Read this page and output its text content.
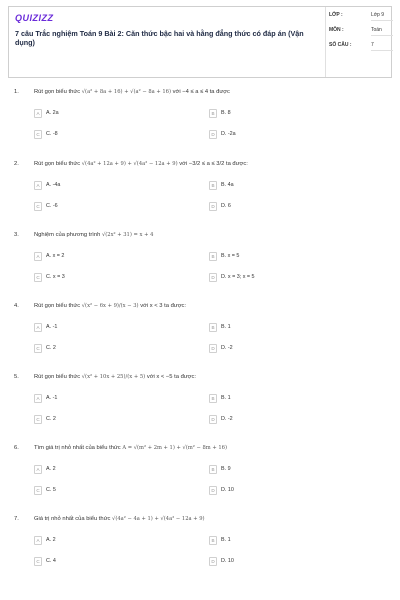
QUIZIZZ
7 câu Trắc nghiệm Toán 9 Bài 2: Căn thức bậc hai và hằng đẳng thức có đáp án (Vận dụng)
LỚP :	Lớp 9
MÔN :	Toán
SỐ CÂU :	7
1.	Rút gọn biểu thức √(a² + 8a + 16) + √(a² − 8a + 16) với −4 ≤ a ≤ 4 ta được
A	A. 2a	B	B. 8
C	C. -8	D	D. -2a
2.	Rút gọn biểu thức √(4a² + 12a + 9) + √(4a² − 12a + 9) với −3/2 ≤ a ≤ 3/2 ta được:
A	A. -4a	B	B. 4a
C	C. -6	D	D. 6
3.	Nghiệm của phương trình √(2x² + 31) = x + 4
A	A. x = 2	B	B. x = 5
C	C. x = 3	D	D. x = 3; x = 5
4.	Rút gọn biểu thức √(x² − 6x + 9)/(x − 3) với x < 3 ta được:
A	A. -1	B	B. 1
C	C. 2	D	D. -2
5.	Rút gọn biểu thức √(x² + 10x + 25)/(x + 5) với x < −5 ta được:
A	A. -1	B	B. 1
C	C. 2	D	D. -2
6.	Tìm giá trị nhỏ nhất của biểu thức A = √(m² + 2m + 1) + √(m² − 8m + 16)
A	A. 2	B	B. 9
C	C. 5	D	D. 10
7.	Giá trị nhỏ nhất của biểu thức √(4a² − 4a + 1) + √(4a² − 12a + 9)
A	A. 2	B	B. 1
C	C. 4	D	D. 10
